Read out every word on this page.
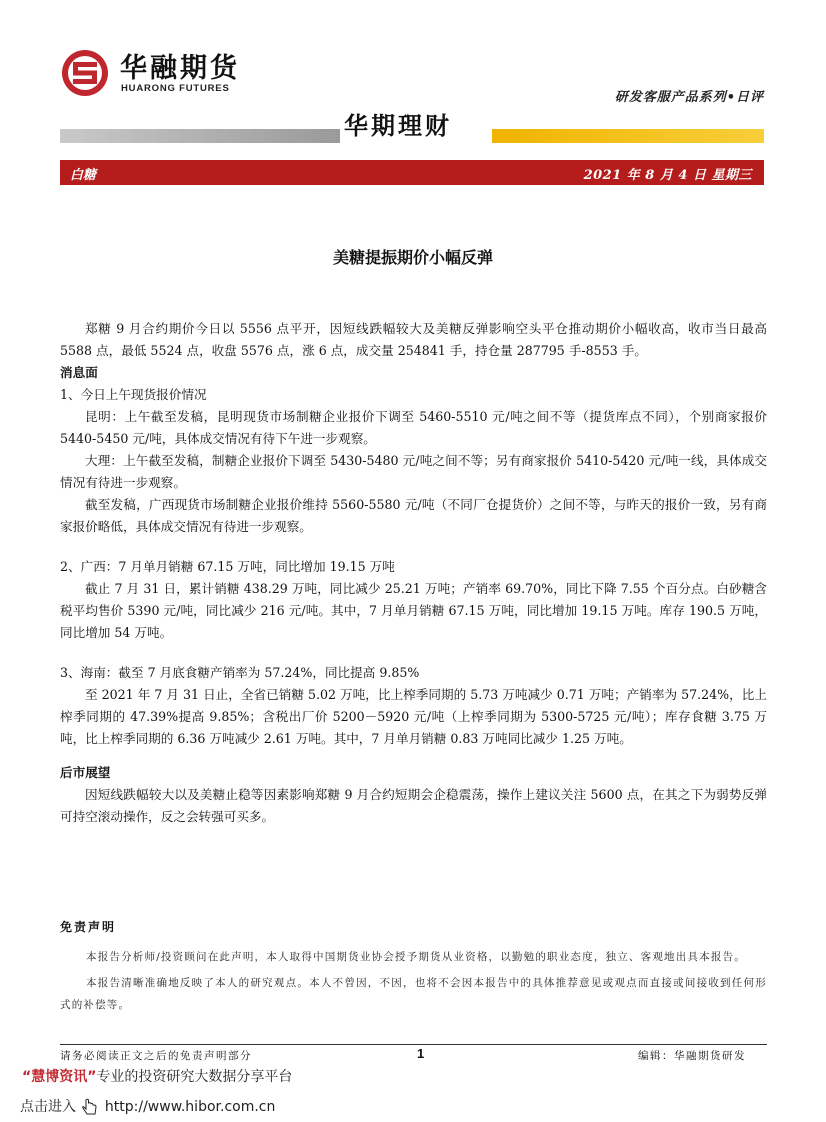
华融期货
HUARONG FUTURES
研发客服产品系列•日评
华期理财
白糖	2021 年 8 月 4 日 星期三
美糖提振期价小幅反弹

郑糖 9 月合约期价今日以 5556 点平开，因短线跌幅较大及美糖反弹影响空头平仓推动期价小幅收高，收市当日最高 5588 点，最低 5524 点，收盘 5576 点，涨 6 点，成交量 254841 手，持仓量 287795 手-8553 手。

消息面

1、今日上午现货报价情况

昆明：上午截至发稿，昆明现货市场制糖企业报价下调至 5460-5510 元/吨之间不等（提货库点不同），个别商家报价 5440-5450 元/吨，具体成交情况有待下午进一步观察。

大理：上午截至发稿，制糖企业报价下调至 5430-5480 元/吨之间不等；另有商家报价 5410-5420 元/吨一线，具体成交情况有待进一步观察。

截至发稿，广西现货市场制糖企业报价维持 5560-5580 元/吨（不同厂仓提货价）之间不等，与昨天的报价一致，另有商家报价略低，具体成交情况有待进一步观察。

2、广西：7 月单月销糖 67.15 万吨，同比增加 19.15 万吨

截止 7 月 31 日，累计销糖 438.29 万吨，同比减少 25.21 万吨；产销率 69.70%，同比下降 7.55 个百分点。白砂糖含税平均售价 5390 元/吨，同比减少 216 元/吨。其中，7 月单月销糖 67.15 万吨，同比增加 19.15 万吨。库存 190.5 万吨，同比增加 54 万吨。

3、海南：截至 7 月底食糖产销率为 57.24%，同比提高 9.85%

至 2021 年 7 月 31 日止，全省已销糖 5.02 万吨，比上榨季同期的 5.73 万吨减少 0.71 万吨；产销率为 57.24%，比上榨季同期的 47.39%提高 9.85%；含税出厂价 5200－5920 元/吨（上榨季同期为 5300-5725 元/吨）；库存食糖 3.75 万吨，比上榨季同期的 6.36 万吨减少 2.61 万吨。其中，7 月单月销糖 0.83 万吨同比减少 1.25 万吨。

后市展望

因短线跌幅较大以及美糖止稳等因素影响郑糖 9 月合约短期会企稳震荡，操作上建议关注 5600 点，在其之下为弱势反弹可持空滚动操作，反之会转强可买多。

免责声明

本报告分析师/投资顾问在此声明，本人取得中国期货业协会授予期货从业资格，以勤勉的职业态度，独立、客观地出具本报告。

本报告清晰准确地反映了本人的研究观点。本人不曾因，不因，也将不会因本报告中的具体推荐意见或观点而直接或间接收到任何形式的补偿等。

请务必阅读正文之后的免责声明部分	1	编辑：华融期货研发
“慧博资讯”专业的投资研究大数据分享平台
点击进入 http://www.hibor.com.cn
